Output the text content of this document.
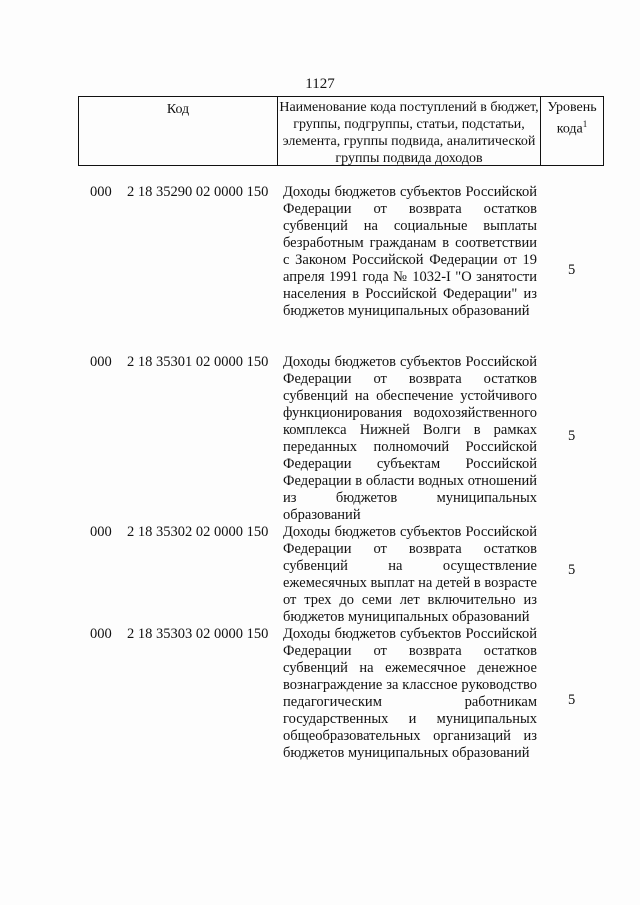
1127
Код	Наименование кода поступлений в бюджет, группы, подгруппы, статьи, подстатьи, элемента, группы подвида, аналитической группы подвида доходов
Уровень кода$^1$
000 2 18 35290 02 0000 150 Доходы бюджетов субъектов Российской Федерации от возврата остатков субвенций на социальные выплаты безработным гражданам в соответствии с Законом Российской Федерации от 19 апреля 1991 года № 1032-I "О занятости населения в Российской Федерации" из бюджетов муниципальных образований
5
000 2 18 35301 02 0000 150 Доходы бюджетов субъектов Российской Федерации от возврата остатков субвенций на обеспечение устойчивого функционирования водохозяйственного комплекса Нижней Волги в рамках переданных полномочий Российской Федерации субъектам Российской Федерации в области водных отношений из бюджетов муниципальных образований
5
000 2 18 35302 02 0000 150 Доходы бюджетов субъектов Российской Федерации от возврата остатков субвенций на осуществление ежемесячных выплат на детей в возрасте от трех до семи лет включительно из бюджетов муниципальных образований
5
000 2 18 35303 02 0000 150 Доходы бюджетов субъектов Российской Федерации от возврата остатков субвенций на ежемесячное денежное вознаграждение за классное руководство педагогическим работникам государственных и муниципальных общеобразовательных организаций из бюджетов муниципальных образований
5
